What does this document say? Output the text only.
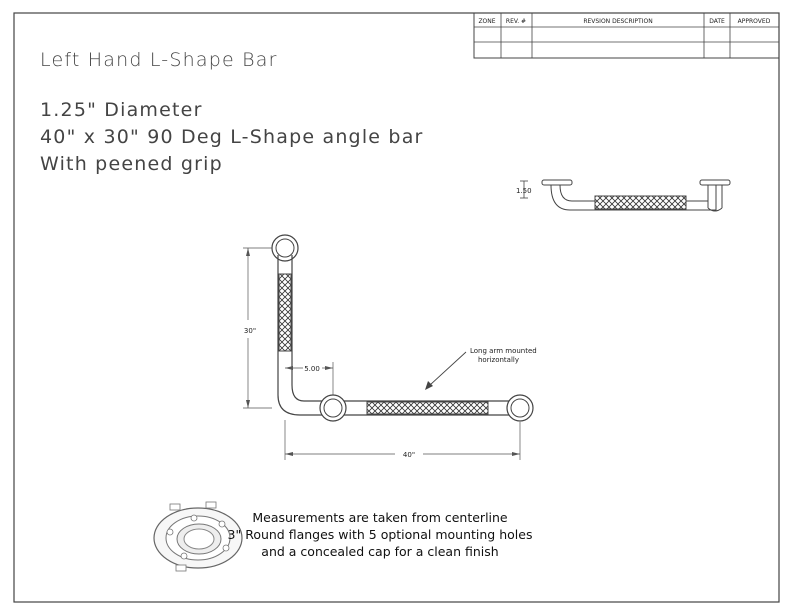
ZONE REV. #	REVSION DESCRIPTION	DATE APPROVED
Left Hand L-Shape Bar
1.25" Diameter
40" x 30" 90 Deg L-Shape angle bar
With peened grip
1.50
30"
5.00
40"
Long arm mounted
horizontally
Measurements are taken from centerline
3" Round flanges with 5 optional mounting holes
and a concealed cap for a clean finish
